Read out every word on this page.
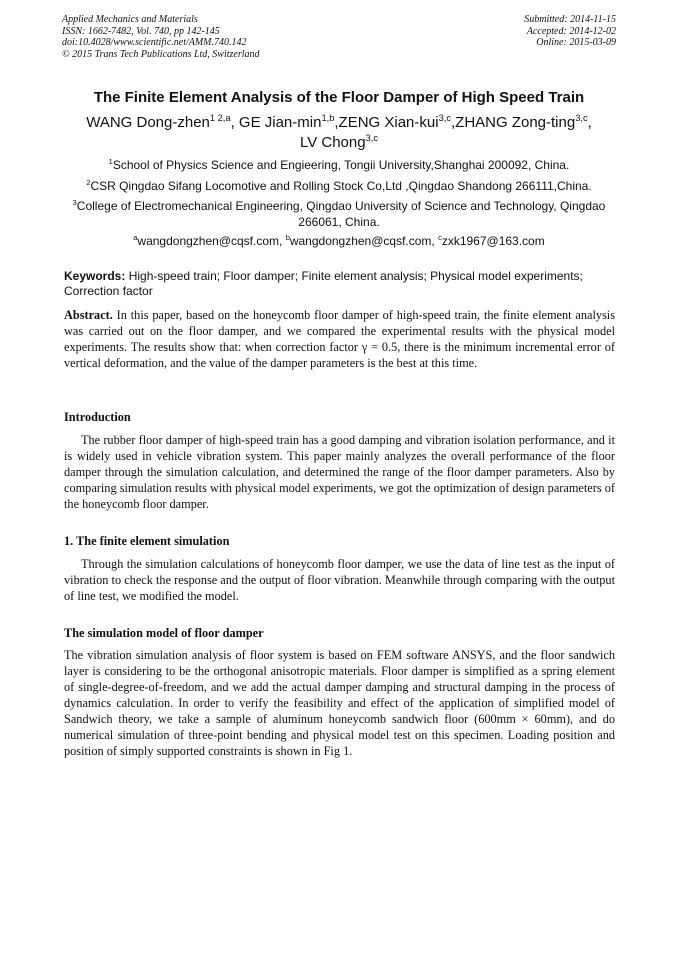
Applied Mechanics and Materials
ISSN: 1662-7482, Vol. 740, pp 142-145
doi:10.4028/www.scientific.net/AMM.740.142
© 2015 Trans Tech Publications Ltd, Switzerland
Submitted: 2014-11-15
Accepted: 2014-12-02
Online: 2015-03-09
The Finite Element Analysis of the Floor Damper of High Speed Train
WANG Dong-zhen$^{1 2,a}$, GE Jian-$\min^{1,b},ZENG$ Xian-kui$^{3,c}$,ZHANG Zong-ting$^{3,c}$,
LV Chong$^{3,c}$
$^1$School of Physics Science and Engieering, Tongii University,Shanghai 200092, China.
$^2$CSR Qingdao Sifang Locomotive and Rolling Stock Co,Ltd ,Qingdao Shandong 266111,China.
$^3$College of Electromechanical Engineering, Qingdao University of Science and Technology, Qingdao 266061, China.
$^a$wangdongzhen@cqsf.com, $^b$wangdongzhen@cqsf.com, $^c$zxk1967@163.com
Keywords: High-speed train; Floor damper; Finite element analysis; Physical model experiments; Correction factor
Abstract. In this paper, based on the honeycomb floor damper of high-speed train, the finite element analysis was carried out on the floor damper, and we compared the experimental results with the physical model experiments. The results show that: when correction factor γ = 0.5, there is the minimum incremental error of vertical deformation, and the value of the damper parameters is the best at this time.
Introduction
The rubber floor damper of high-speed train has a good damping and vibration isolation performance, and it is widely used in vehicle vibration system. This paper mainly analyzes the overall performance of the floor damper through the simulation calculation, and determined the range of the floor damper parameters. Also by comparing simulation results with physical model experiments, we got the optimization of design parameters of the honeycomb floor damper.
1. The finite element simulation
Through the simulation calculations of honeycomb floor damper, we use the data of line test as the input of vibration to check the response and the output of floor vibration. Meanwhile through comparing with the output of line test, we modified the model.
The simulation model of floor damper
The vibration simulation analysis of floor system is based on FEM software ANSYS, and the floor sandwich layer is considering to be the orthogonal anisotropic materials. Floor damper is simplified as a spring element of single-degree-of-freedom, and we add the actual damper damping and structural damping in the process of dynamics calculation. In order to verify the feasibility and effect of the application of simplified model of Sandwich theory, we take a sample of aluminum honeycomb sandwich floor (600mm × 60mm), and do numerical simulation of three-point bending and physical model test on this specimen. Loading position and position of simply supported constraints is shown in Fig 1.
